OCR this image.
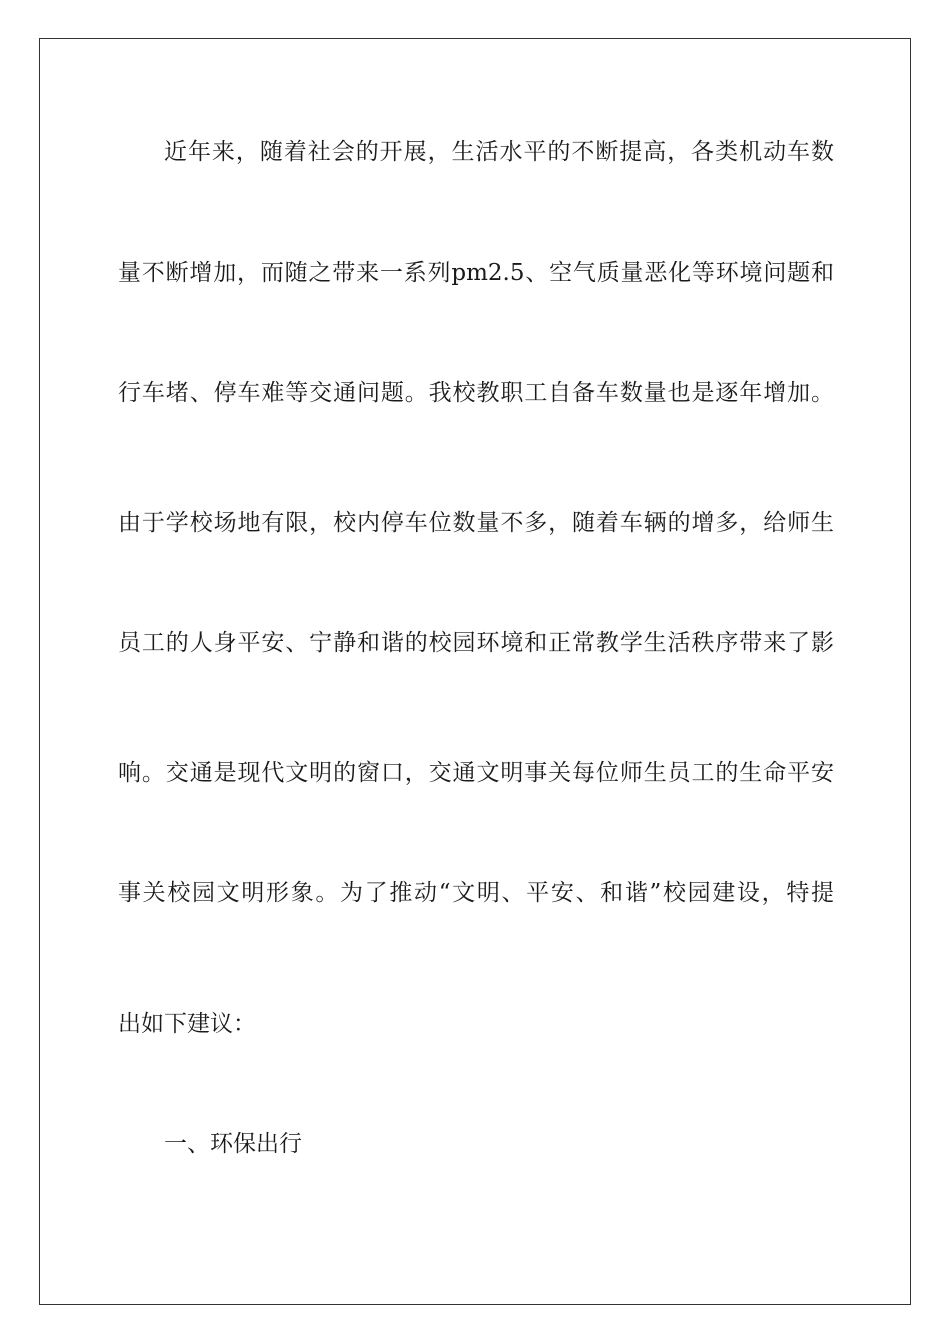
近年来，随着社会的开展，生活水平的不断提高，各类机动车数
量不断增加，而随之带来一系列pm2.5、空气质量恶化等环境问题和
行车堵、停车难等交通问题。我校教职工自备车数量也是逐年增加。
由于学校场地有限，校内停车位数量不多，随着车辆的增多，给师生
员工的人身平安、宁静和谐的校园环境和正常教学生活秩序带来了影
响。交通是现代文明的窗口，交通文明事关每位师生员工的生命平安
事关校园文明形象。为了推动“文明、平安、和谐”校园建设，特提
出如下建议：
一、环保出行
